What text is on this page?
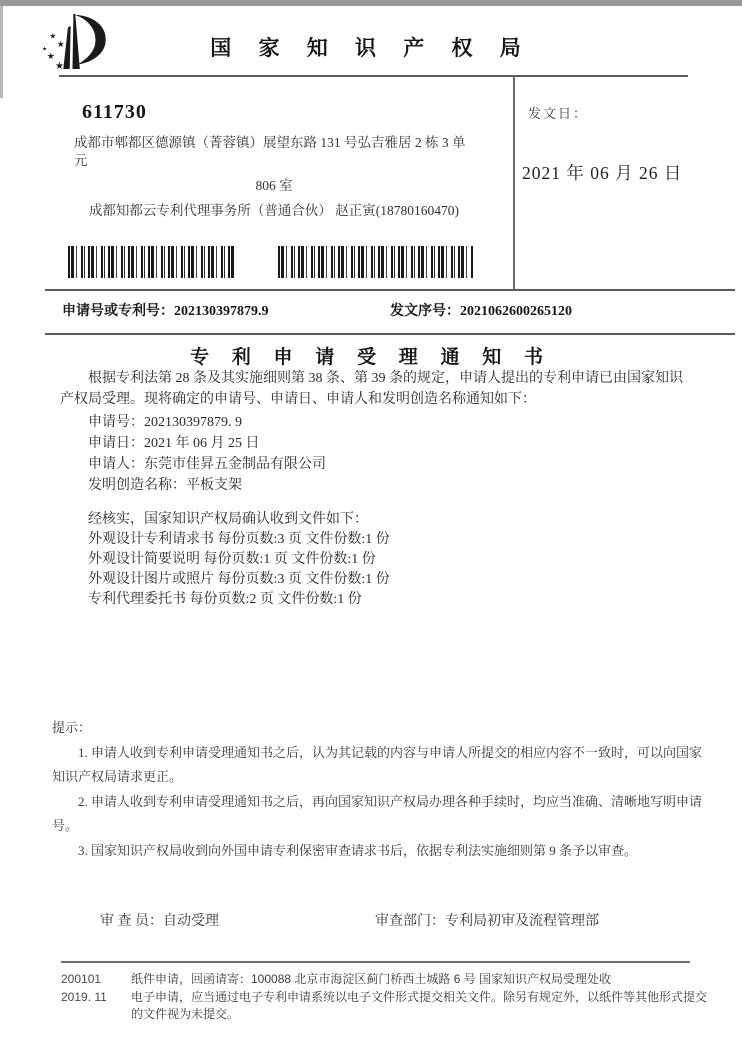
★
★
★
★
★
国 家 知 识 产 权 局
611730
成都市郫都区德源镇（菁蓉镇）展望东路 131 号弘吉雅居 2 栋 3 单元
806 室
成都知都云专利代理事务所（普通合伙） 赵正寅(18780160470)
发文日：
2021 年 06 月 26 日
申请号或专利号：202130397879.9	发文序号：2021062600265120
专 利 申 请 受 理 通 知 书

根据专利法第 28 条及其实施细则第 38 条、第 39 条的规定，申请人提出的专利申请已由国家知识产权局受理。现将确定的申请号、申请日、申请人和发明创造名称通知如下：

申请号：202130397879. 9
申请日：2021 年 06 月 25 日
申请人：东莞市佳昇五金制品有限公司
发明创造名称：平板支架
经核实，国家知识产权局确认收到文件如下：
外观设计专利请求书 每份页数:3 页 文件份数:1 份
外观设计简要说明 每份页数:1 页 文件份数:1 份
外观设计图片或照片 每份页数:3 页 文件份数:1 份
专利代理委托书 每份页数:2 页 文件份数:1 份
提示：
1. 申请人收到专利申请受理通知书之后，认为其记载的内容与申请人所提交的相应内容不一致时，可以向国家知识产权局请求更正。
2. 申请人收到专利申请受理通知书之后，再向国家知识产权局办理各种手续时，均应当准确、清晰地写明申请号。
3. 国家知识产权局收到向外国申请专利保密审查请求书后，依据专利法实施细则第 9 条予以审查。
审 查 员：自动受理	审查部门：专利局初审及流程管理部
200101	纸件申请，回函请寄：100088 北京市海淀区蓟门桥西土城路 6 号 国家知识产权局受理处收
2019. 11	电子申请，应当通过电子专利申请系统以电子文件形式提交相关文件。除另有规定外，以纸件等其他形式提交的文件视为未提交。
